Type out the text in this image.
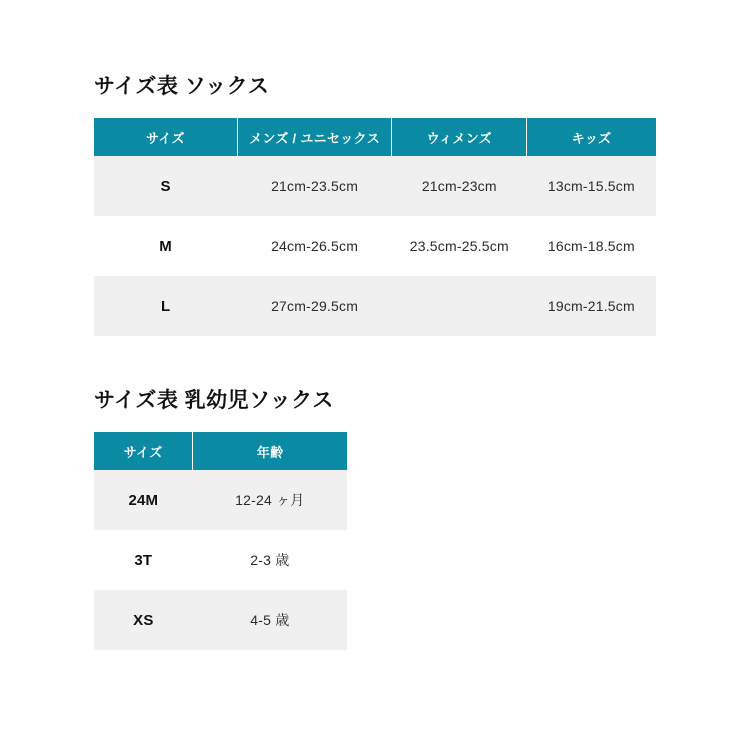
サイズ表 ソックス
サイズ	メンズ / ユニセックス	ウィメンズ	キッズ
S	21cm-23.5cm	21cm-23cm	13cm-15.5cm
M	24cm-26.5cm	23.5cm-25.5cm	16cm-18.5cm
L	27cm-29.5cm		19cm-21.5cm
サイズ表 乳幼児ソックス
サイズ	年齢
24M	12-24 ヶ月
3T	2-3 歳
XS	4-5 歳
